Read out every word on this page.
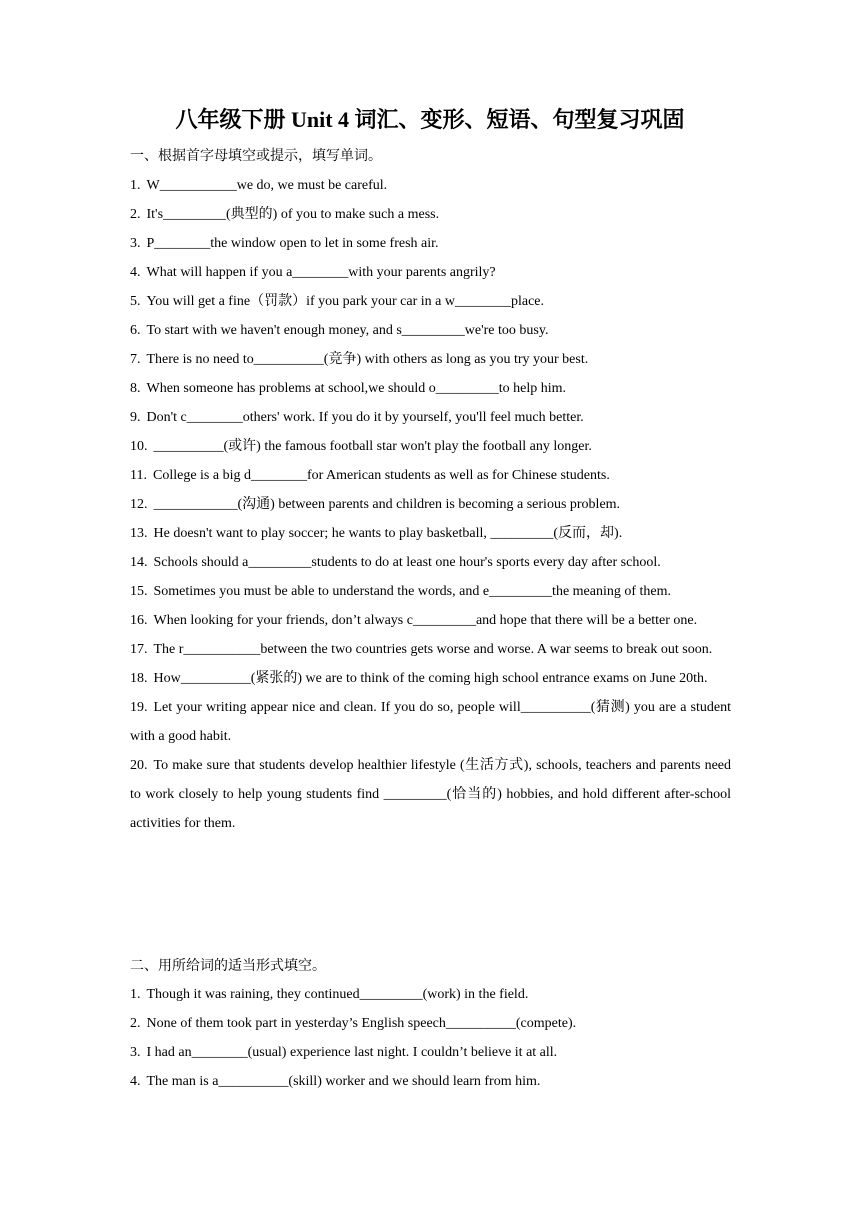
八年级下册 Unit 4 词汇、变形、短语、句型复习巩固
一、根据首字母填空或提示，填写单词。

1. W___________we do, we must be careful.

2. It's_________(典型的) of you to make such a mess.

3. P________the window open to let in some fresh air.

4. What will happen if you a________with your parents angrily?

5. You will get a fine（罚款）if you park your car in a w________place.

6. To start with we haven't enough money, and s_________we're too busy.

7. There is no need to__________(竞争) with others as long as you try your best.

8. When someone has problems at school,we should o_________to help him.

9. Don't c________others' work. If you do it by yourself, you'll feel much better.

10. __________(或许) the famous football star won't play the football any longer.

11. College is a big d________for American students as well as for Chinese students.

12. ____________(沟通) between parents and children is becoming a serious problem.

13. He doesn't want to play soccer; he wants to play basketball, _________(反而，却).

14. Schools should a_________students to do at least one hour's sports every day after school.

15. Sometimes you must be able to understand the words, and e_________the meaning of them.

16. When looking for your friends, don’t always c_________and hope that there will be a better one.

17. The r___________between the two countries gets worse and worse. A war seems to break out soon.

18. How__________(紧张的) we are to think of the coming high school entrance exams on June 20th.

19. Let your writing appear nice and clean. If you do so, people will__________(猜测) you are a student with a good habit.

20. To make sure that students develop healthier lifestyle (生活方式), schools, teachers and parents need to work closely to help young students find _________(恰当的) hobbies, and hold different after-school activities for them.

二、用所给词的适当形式填空。

1. Though it was raining, they continued_________(work) in the field.

2. None of them took part in yesterday’s English speech__________(compete).

3. I had an________(usual) experience last night. I couldn’t believe it at all.

4. The man is a__________(skill) worker and we should learn from him.
